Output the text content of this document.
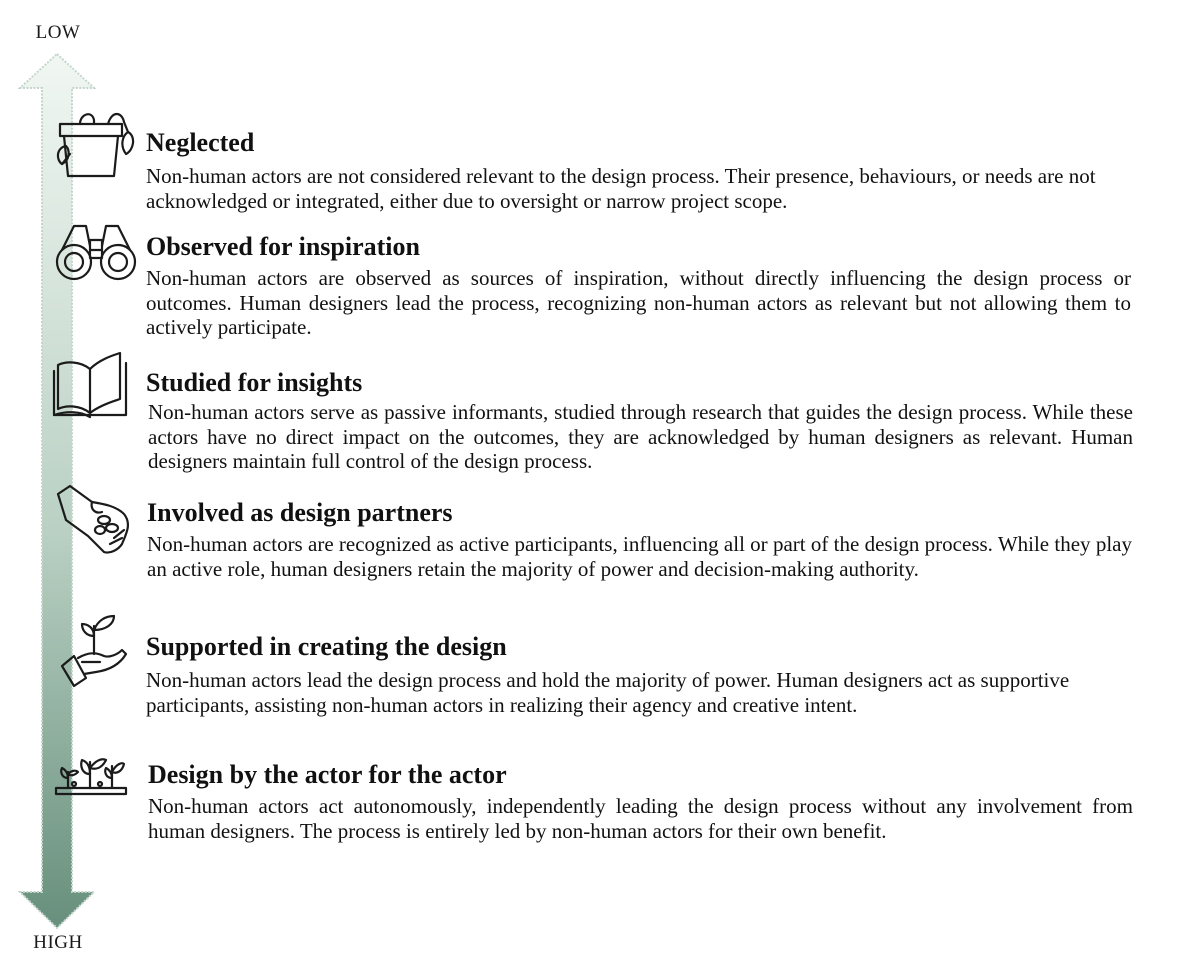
LOW
HIGH
Neglected
Non-human actors are not considered relevant to the design process. Their presence, behaviours, or needs are not acknowledged or integrated, either due to oversight or narrow project scope.
Observed for inspiration
Non-human actors are observed as sources of inspiration, without directly influencing the design process or outcomes. Human designers lead the process, recognizing non-human actors as relevant but not allowing them to actively participate.
Studied for insights
Non-human actors serve as passive informants, studied through research that guides the design process. While these actors have no direct impact on the outcomes, they are acknowledged by human designers as relevant. Human designers maintain full control of the design process.
Involved as design partners
Non-human actors are recognized as active participants, influencing all or part of the design process. While they play an active role, human designers retain the majority of power and decision-making authority.
Supported in creating the design
Non-human actors lead the design process and hold the majority of power. Human designers act as supportive participants, assisting non-human actors in realizing their agency and creative intent.
Design by the actor for the actor
Non-human actors act autonomously, independently leading the design process without any involvement from human designers. The process is entirely led by non-human actors for their own benefit.
